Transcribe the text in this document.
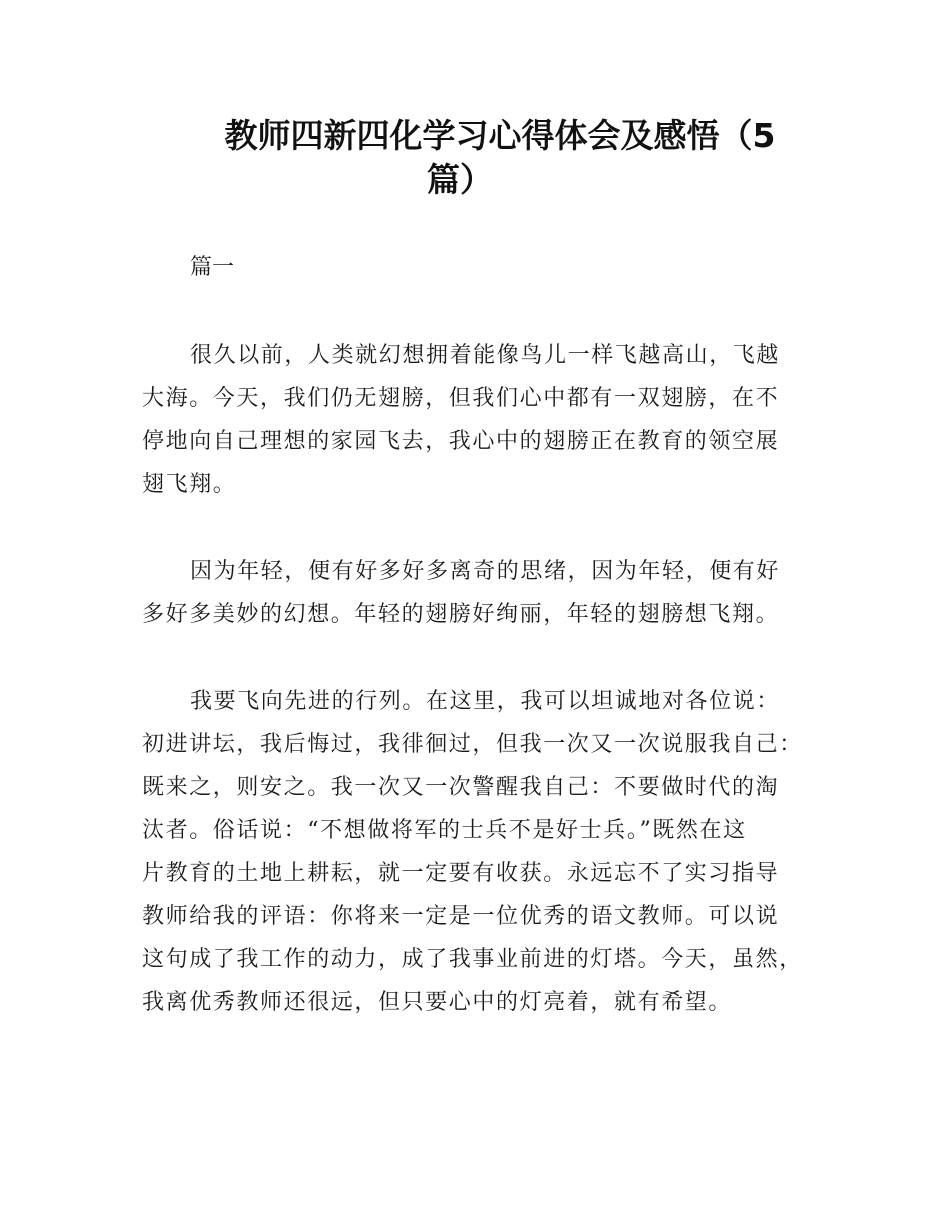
教师四新四化学习心得体会及感悟（5
篇）
篇一
很久以前，人类就幻想拥着能像鸟儿一样飞越高山，飞越
大海。今天，我们仍无翅膀，但我们心中都有一双翅膀，在不
停地向自己理想的家园飞去，我心中的翅膀正在教育的领空展
翅飞翔。
因为年轻，便有好多好多离奇的思绪，因为年轻，便有好
多好多美妙的幻想。年轻的翅膀好绚丽，年轻的翅膀想飞翔。
我要飞向先进的行列。在这里，我可以坦诚地对各位说：
初进讲坛，我后悔过，我徘徊过，但我一次又一次说服我自己：
既来之，则安之。我一次又一次警醒我自己：不要做时代的淘
汰者。俗话说：“不想做将军的士兵不是好士兵。”既然在这
片教育的土地上耕耘，就一定要有收获。永远忘不了实习指导
教师给我的评语：你将来一定是一位优秀的语文教师。可以说
这句成了我工作的动力，成了我事业前进的灯塔。今天，虽然，
我离优秀教师还很远，但只要心中的灯亮着，就有希望。
